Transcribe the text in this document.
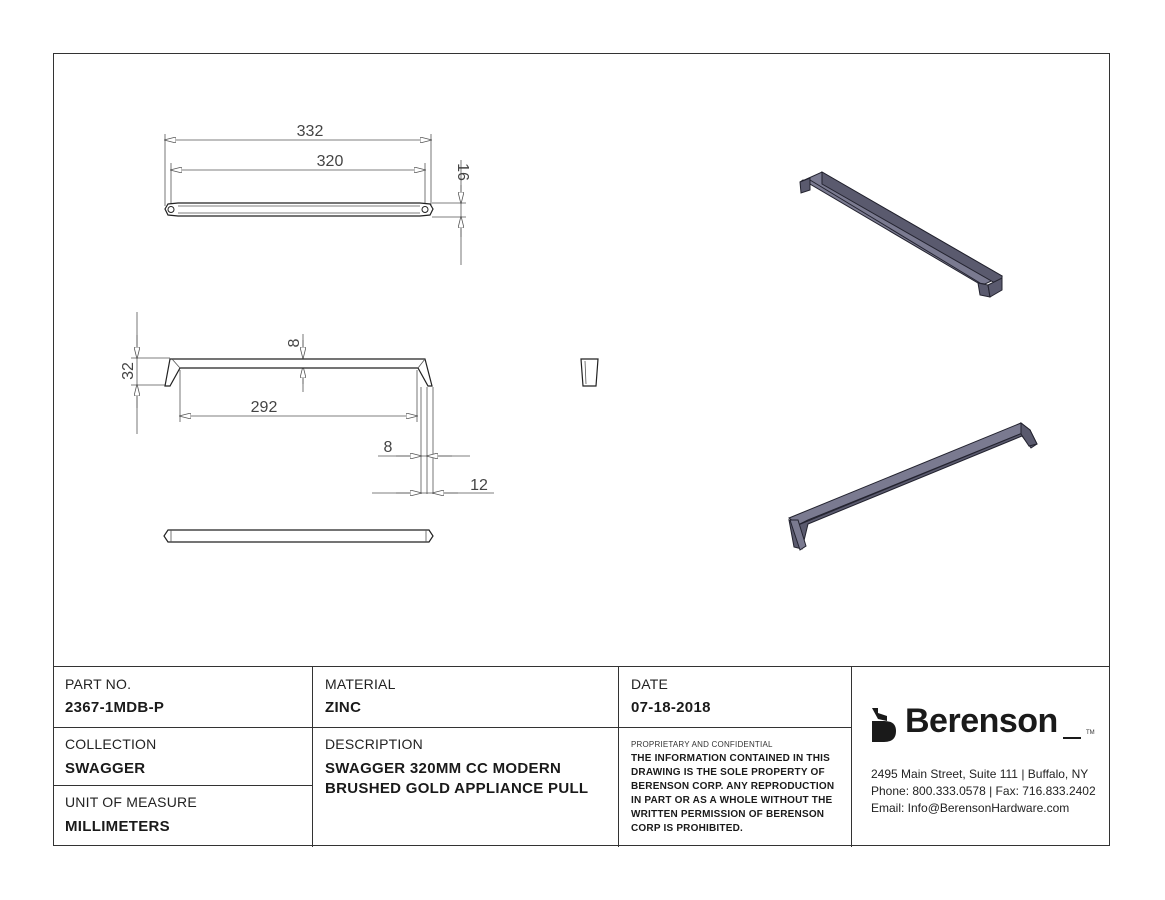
332
320
16
32
8
292
8
12
PART NO.
2367-1MDB-P
MATERIAL
ZINC
DATE
07-18-2018
COLLECTION
SWAGGER
UNIT OF MEASURE
MILLIMETERS
DESCRIPTION
SWAGGER 320MM CC MODERN
BRUSHED GOLD APPLIANCE PULL
PROPRIETARY AND CONFIDENTIAL
THE INFORMATION CONTAINED IN THIS
DRAWING IS THE SOLE PROPERTY OF
BERENSON CORP. ANY REPRODUCTION
IN PART OR AS A WHOLE WITHOUT THE
WRITTEN PERMISSION OF BERENSON
CORP IS PROHIBITED.
Berenson	TM
2495 Main Street, Suite 111 | Buffalo, NY
Phone: 800.333.0578 | Fax: 716.833.2402
Email: Info@BerensonHardware.com
